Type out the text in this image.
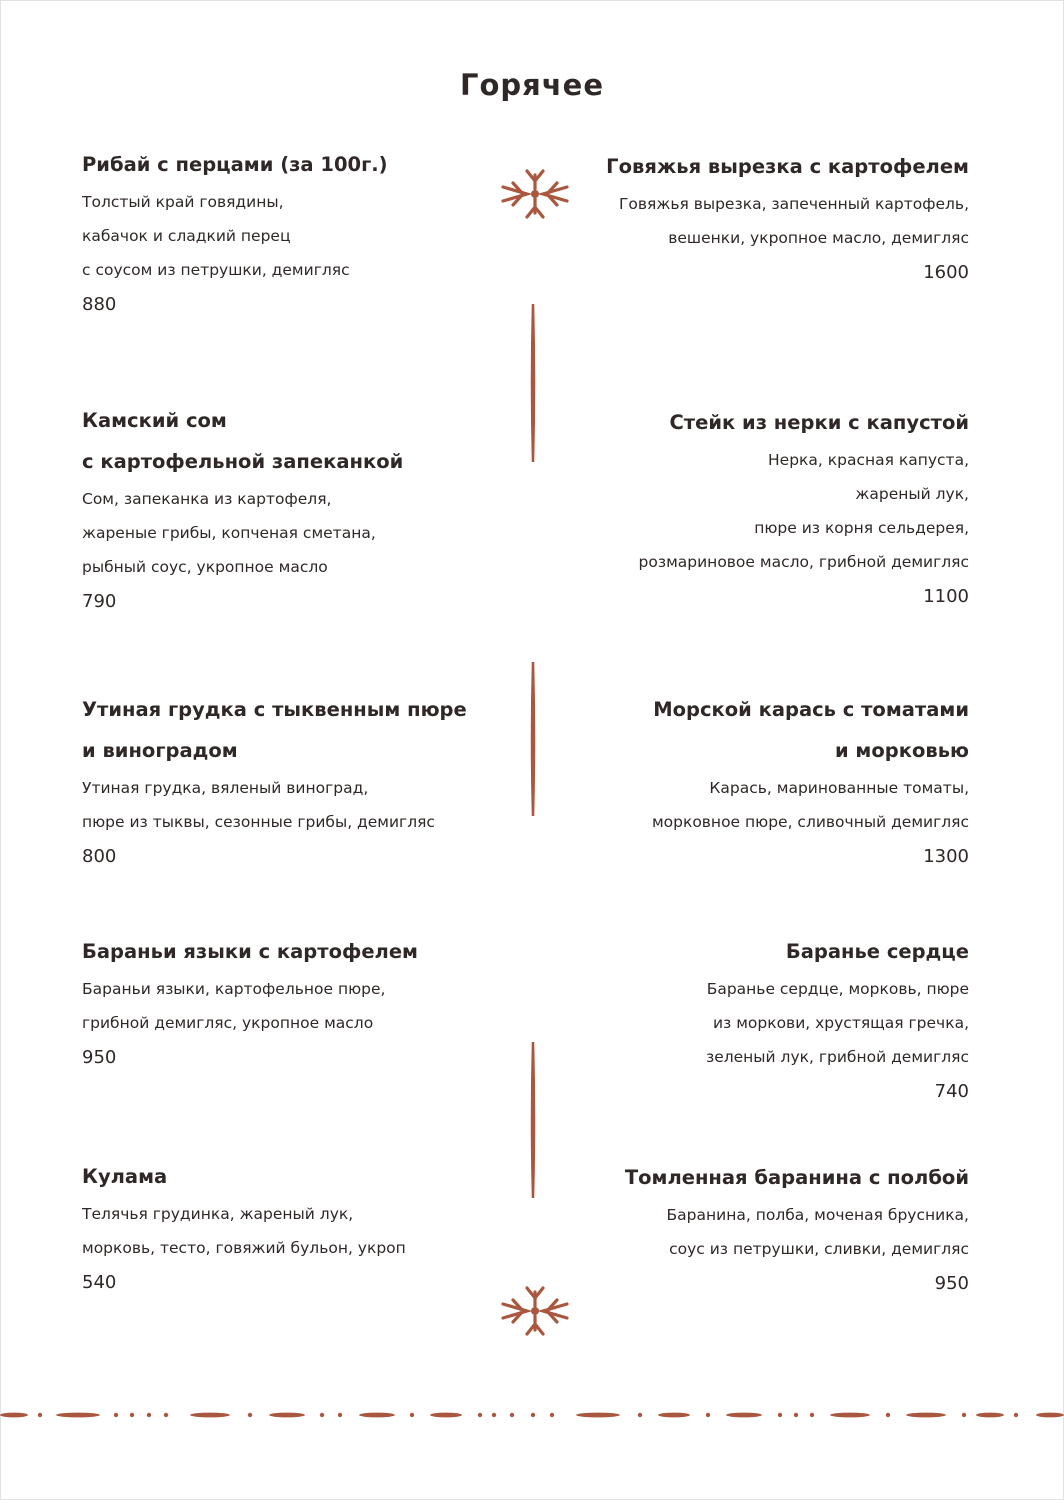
Горячее
Рибай с перцами (за 100г.)
Толстый край говядины,
кабачок и сладкий перец
с соусом из петрушки, демигляс
880
Камский сом
с картофельной запеканкой
Сом, запеканка из картофеля,
жареные грибы, копченая сметана,
рыбный соус, укропное масло
790
Утиная грудка с тыквенным пюре
и виноградом
Утиная грудка, вяленый виноград,
пюре из тыквы, сезонные грибы, демигляс
800
Бараньи языки с картофелем
Бараньи языки, картофельное пюре,
грибной демигляс, укропное масло
950
Кулама
Телячья грудинка, жареный лук,
морковь, тесто, говяжий бульон, укроп
540
Говяжья вырезка с картофелем
Говяжья вырезка, запеченный картофель,
вешенки, укропное масло, демигляс
1600
Стейк из нерки с капустой
Нерка, красная капуста,
жареный лук,
пюре из корня сельдерея,
розмариновое масло, грибной демигляс
1100
Морской карась с томатами
и морковью
Карась, маринованные томаты,
морковное пюре, сливочный демигляс
1300
Баранье сердце
Баранье сердце, морковь, пюре
из моркови, хрустящая гречка,
зеленый лук, грибной демигляс
740
Томленная баранина с полбой
Баранина, полба, моченая брусника,
соус из петрушки, сливки, демигляс
950
